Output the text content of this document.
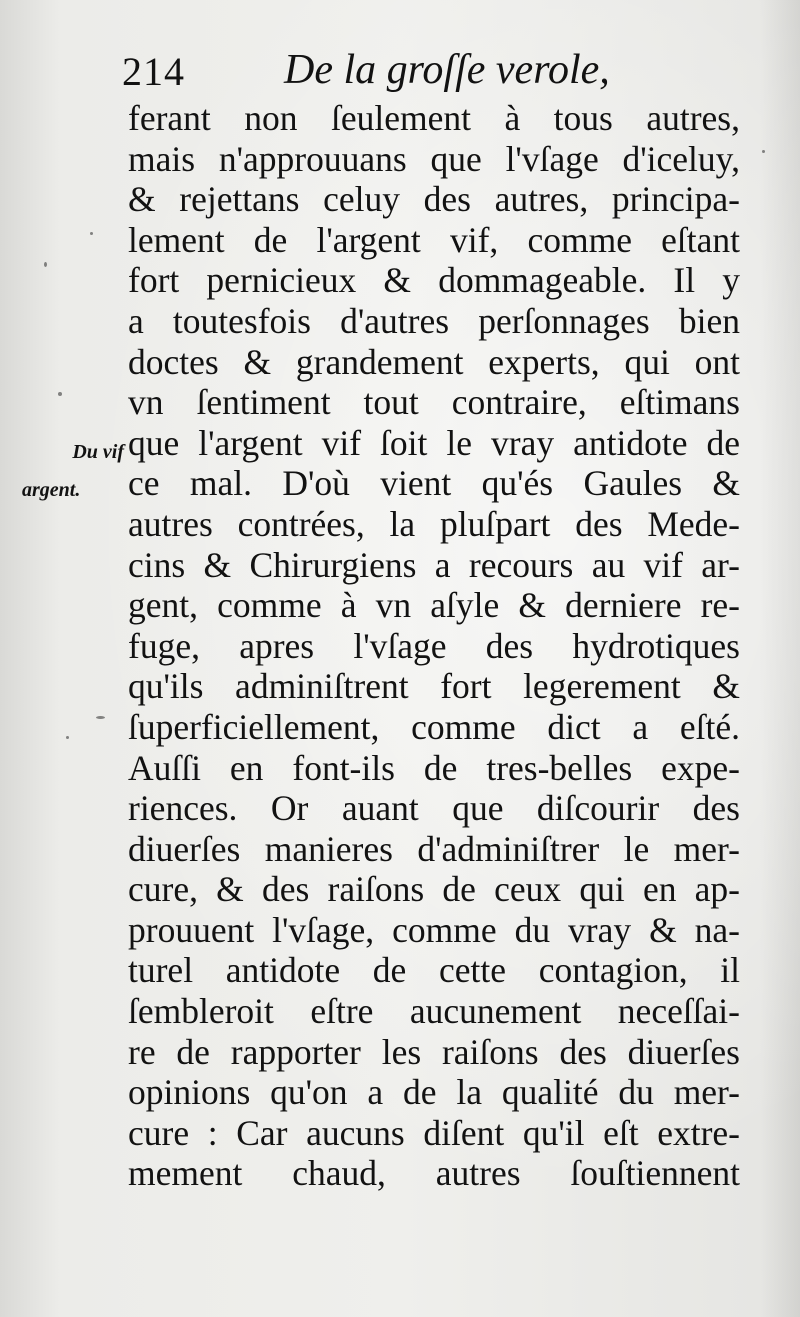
214 De la groſſe verole,
Du vif
argent.
ferant non ſeulement à tous autres,
mais n'approuuans que l'vſage d'iceluy,
& rejettans celuy des autres, principa-
lement de l'argent vif, comme eſtant
fort pernicieux & dommageable. Il y
a toutesfois d'autres perſonnages bien
doctes & grandement experts, qui ont
vn ſentiment tout contraire, eſtimans
que l'argent vif ſoit le vray antidote de
ce mal. D'où vient qu'és Gaules &
autres contrées, la pluſpart des Mede-
cins & Chirurgiens a recours au vif ar-
gent, comme à vn aſyle & derniere re-
fuge, apres l'vſage des hydrotiques
qu'ils adminiſtrent fort legerement &
ſuperficiellement, comme dict a eſté.
Auſſi en font-ils de tres-belles expe-
riences. Or auant que diſcourir des
diuerſes manieres d'adminiſtrer le mer-
cure, & des raiſons de ceux qui en ap-
prouuent l'vſage, comme du vray & na-
turel antidote de cette contagion, il
ſembleroit eſtre aucunement neceſſai-
re de rapporter les raiſons des diuerſes
opinions qu'on a de la qualité du mer-
cure : Car aucuns diſent qu'il eſt extre-
mement chaud, autres ſouſtiennent
